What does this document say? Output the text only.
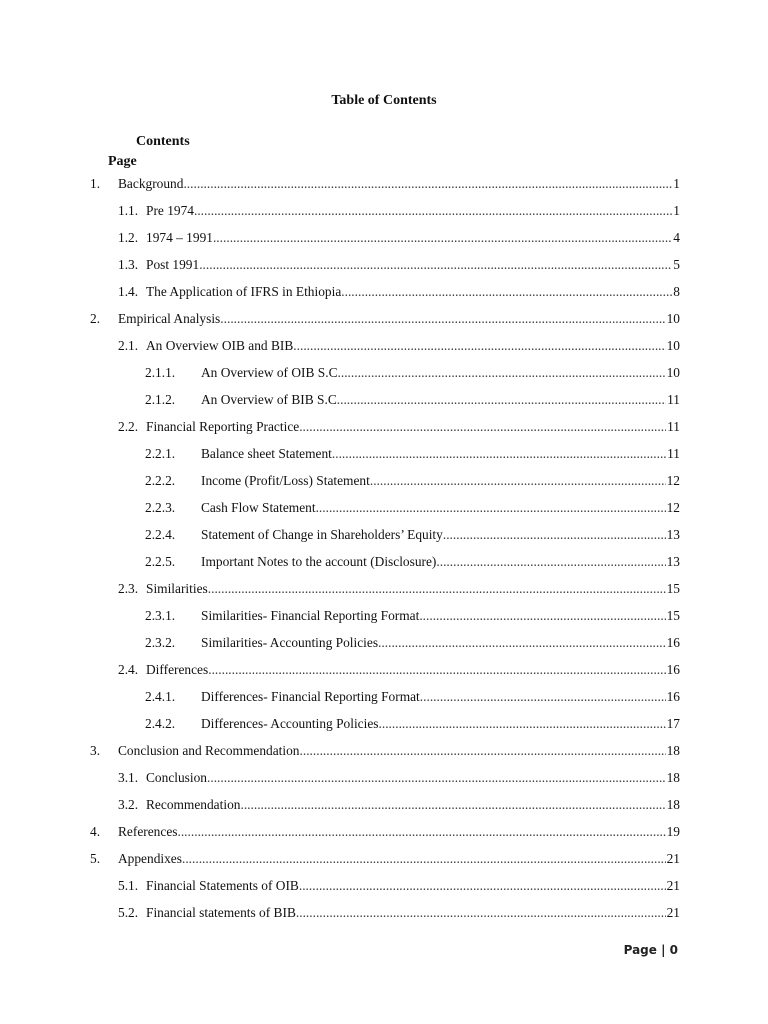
Table of Contents
Contents
Page
1.	Background .....	1
1.1. Pre 1974 .....	1
1.2. 1974 – 1991 .....	4
1.3. Post 1991 .....	5
1.4. The Application of IFRS in Ethiopia .....	8
2.	Empirical Analysis .....	10
2.1. An Overview OIB and BIB .....	10
2.1.1.	An Overview of OIB S.C .....	10
2.1.2.	An Overview of BIB S.C .....	11
2.2. Financial Reporting Practice .....	11
2.2.1.	Balance sheet Statement .....	11
2.2.2.	Income (Profit/Loss) Statement .....	12
2.2.3.	Cash Flow Statement .....	12
2.2.4.	Statement of Change in Shareholders’ Equity .....	13
2.2.5.	Important Notes to the account (Disclosure) .....	13
2.3. Similarities .....	15
2.3.1.	Similarities- Financial Reporting Format .....	15
2.3.2.	Similarities- Accounting Policies .....	16
2.4. Differences .....	16
2.4.1.	Differences- Financial Reporting Format .....	16
2.4.2.	Differences- Accounting Policies .....	17
3.	Conclusion and Recommendation .....	18
3.1. Conclusion .....	18
3.2. Recommendation .....	18
4.	References .....	19
5.	Appendixes .....	21
5.1. Financial Statements of OIB .....	21
5.2. Financial statements of BIB .....	21
Page | 0
